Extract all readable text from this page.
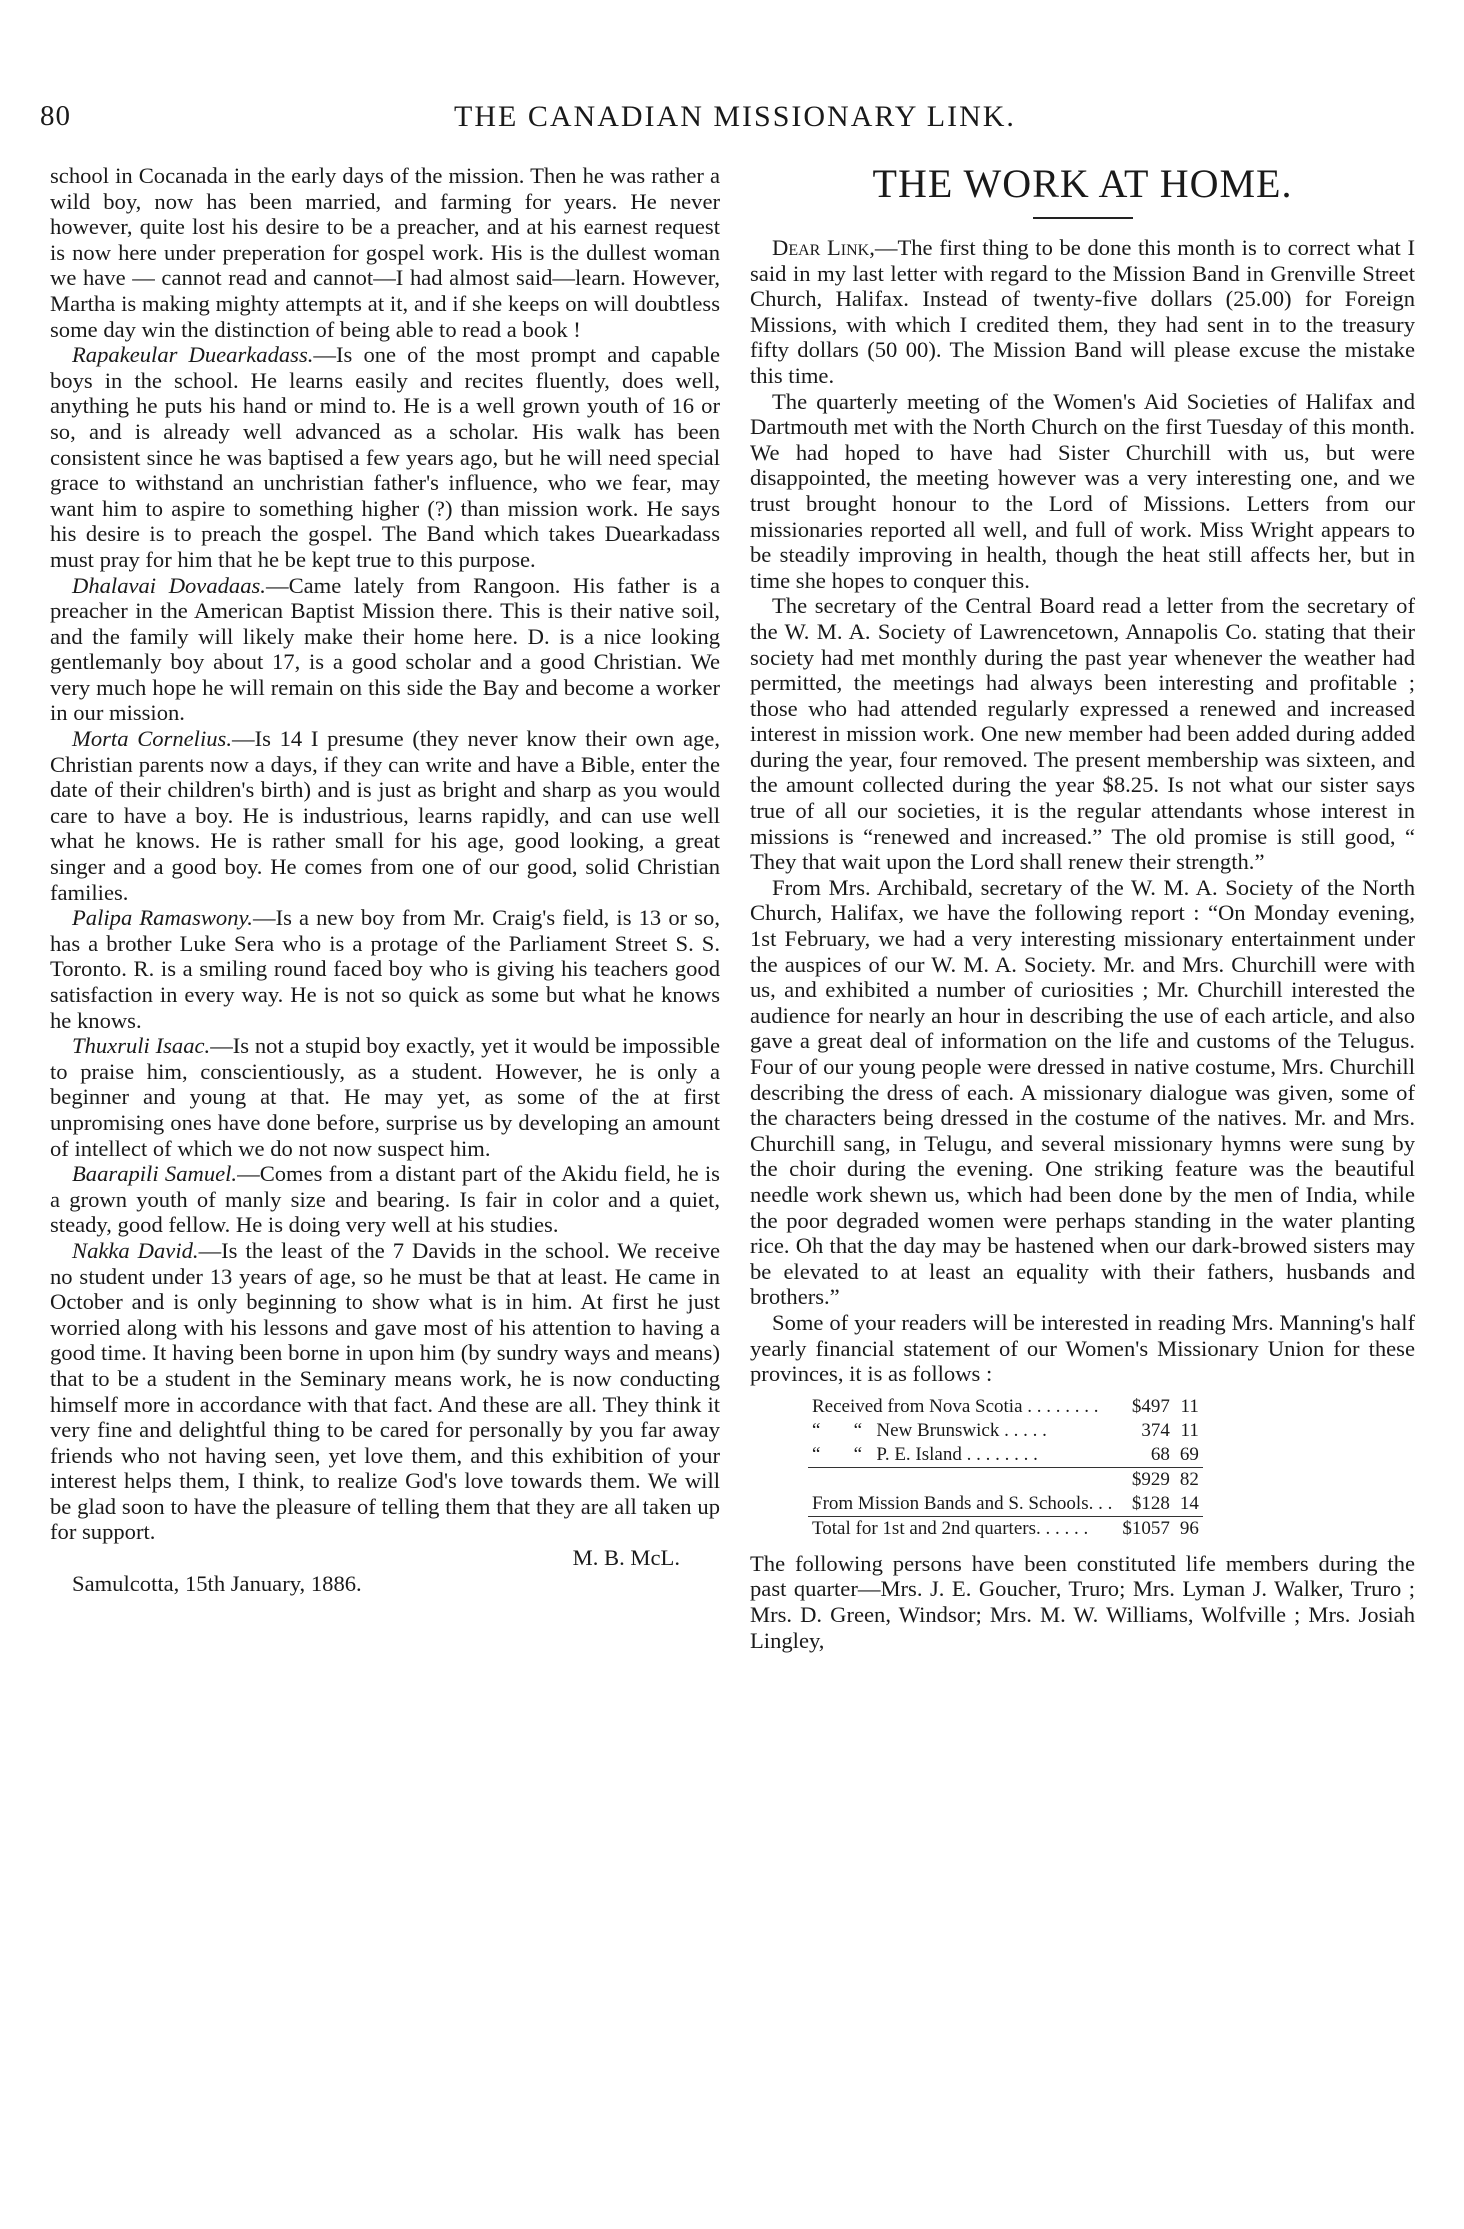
80	THE CANADIAN MISSIONARY LINK.

school in Cocanada in the early days of the mission. Then he was rather a wild boy, now has been married, and farming for years. He never however, quite lost his desire to be a preacher, and at his earnest request is now here under preperation for gospel work. His is the dullest woman we have — cannot read and cannot—I had almost said—learn. However, Martha is making mighty attempts at it, and if she keeps on will doubtless some day win the distinction of being able to read a book !

Rapakeular Duearkadass.—Is one of the most prompt and capable boys in the school. He learns easily and recites fluently, does well, anything he puts his hand or mind to. He is a well grown youth of 16 or so, and is already well advanced as a scholar. His walk has been consistent since he was baptised a few years ago, but he will need special grace to withstand an unchristian father's influence, who we fear, may want him to aspire to something higher (?) than mission work. He says his desire is to preach the gospel. The Band which takes Duearkadass must pray for him that he be kept true to this purpose.

Dhalavai Dovadaas.—Came lately from Rangoon. His father is a preacher in the American Baptist Mission there. This is their native soil, and the family will likely make their home here. D. is a nice looking gentlemanly boy about 17, is a good scholar and a good Christian. We very much hope he will remain on this side the Bay and become a worker in our mission.

Morta Cornelius.—Is 14 I presume (they never know their own age, Christian parents now a days, if they can write and have a Bible, enter the date of their children's birth) and is just as bright and sharp as you would care to have a boy. He is industrious, learns rapidly, and can use well what he knows. He is rather small for his age, good looking, a great singer and a good boy. He comes from one of our good, solid Christian families.

Palipa Ramaswony.—Is a new boy from Mr. Craig's field, is 13 or so, has a brother Luke Sera who is a protage of the Parliament Street S. S. Toronto. R. is a smiling round faced boy who is giving his teachers good satisfaction in every way. He is not so quick as some but what he knows he knows.

Thuxruli Isaac.—Is not a stupid boy exactly, yet it would be impossible to praise him, conscientiously, as a student. However, he is only a beginner and young at that. He may yet, as some of the at first unpromising ones have done before, surprise us by developing an amount of intellect of which we do not now suspect him.

Baarapili Samuel.—Comes from a distant part of the Akidu field, he is a grown youth of manly size and bearing. Is fair in color and a quiet, steady, good fellow. He is doing very well at his studies.

Nakka David.—Is the least of the 7 Davids in the school. We receive no student under 13 years of age, so he must be that at least. He came in October and is only beginning to show what is in him. At first he just worried along with his lessons and gave most of his attention to having a good time. It having been borne in upon him (by sundry ways and means) that to be a student in the Seminary means work, he is now conducting himself more in accordance with that fact. And these are all. They think it very fine and delightful thing to be cared for personally by you far away friends who not having seen, yet love them, and this exhibition of your interest helps them, I think, to realize God's love towards them. We will be glad soon to have the pleasure of telling them that they are all taken up for support.

M. B. McL.

Samulcotta, 15th January, 1886.

THE WORK AT HOME.

Dear Link,—The first thing to be done this month is to correct what I said in my last letter with regard to the Mission Band in Grenville Street Church, Halifax. Instead of twenty-five dollars (25.00) for Foreign Missions, with which I credited them, they had sent in to the treasury fifty dollars (50 00). The Mission Band will please excuse the mistake this time.

The quarterly meeting of the Women's Aid Societies of Halifax and Dartmouth met with the North Church on the first Tuesday of this month. We had hoped to have had Sister Churchill with us, but were disappointed, the meeting however was a very interesting one, and we trust brought honour to the Lord of Missions. Letters from our missionaries reported all well, and full of work. Miss Wright appears to be steadily improving in health, though the heat still affects her, but in time she hopes to conquer this.

The secretary of the Central Board read a letter from the secretary of the W. M. A. Society of Lawrencetown, Annapolis Co. stating that their society had met monthly during the past year whenever the weather had permitted, the meetings had always been interesting and profitable ; those who had attended regularly expressed a renewed and increased interest in mission work. One new member had been added during added during the year, four removed. The present membership was sixteen, and the amount collected during the year $8.25. Is not what our sister says true of all our societies, it is the regular attendants whose interest in missions is “renewed and increased.” The old promise is still good, “ They that wait upon the Lord shall renew their strength.”

From Mrs. Archibald, secretary of the W. M. A. Society of the North Church, Halifax, we have the following report : “On Monday evening, 1st February, we had a very interesting missionary entertainment under the auspices of our W. M. A. Society. Mr. and Mrs. Churchill were with us, and exhibited a number of curiosities ; Mr. Churchill interested the audience for nearly an hour in describing the use of each article, and also gave a great deal of information on the life and customs of the Telugus. Four of our young people were dressed in native costume, Mrs. Churchill describing the dress of each. A missionary dialogue was given, some of the characters being dressed in the costume of the natives. Mr. and Mrs. Churchill sang, in Telugu, and several missionary hymns were sung by the choir during the evening. One striking feature was the beautiful needle work shewn us, which had been done by the men of India, while the poor degraded women were perhaps standing in the water planting rice. Oh that the day may be hastened when our dark-browed sisters may be elevated to at least an equality with their fathers, husbands and brothers.”

Some of your readers will be interested in reading Mrs. Manning's half yearly financial statement of our Women's Missionary Union for these provinces, it is as follows :

Received from Nova Scotia . . . . . . . .	$497	11
“       “   New Brunswick . . . . .	374	11
“       “   P. E. Island . . . . . . . .	68	69
	$929	82
From Mission Bands and S. Schools. . .	$128	14
Total for 1st and 2nd quarters. . . . . .	$1057	96

The following persons have been constituted life members during the past quarter—Mrs. J. E. Goucher, Truro; Mrs. Lyman J. Walker, Truro ; Mrs. D. Green, Windsor; Mrs. M. W. Williams, Wolfville ; Mrs. Josiah Lingley,
